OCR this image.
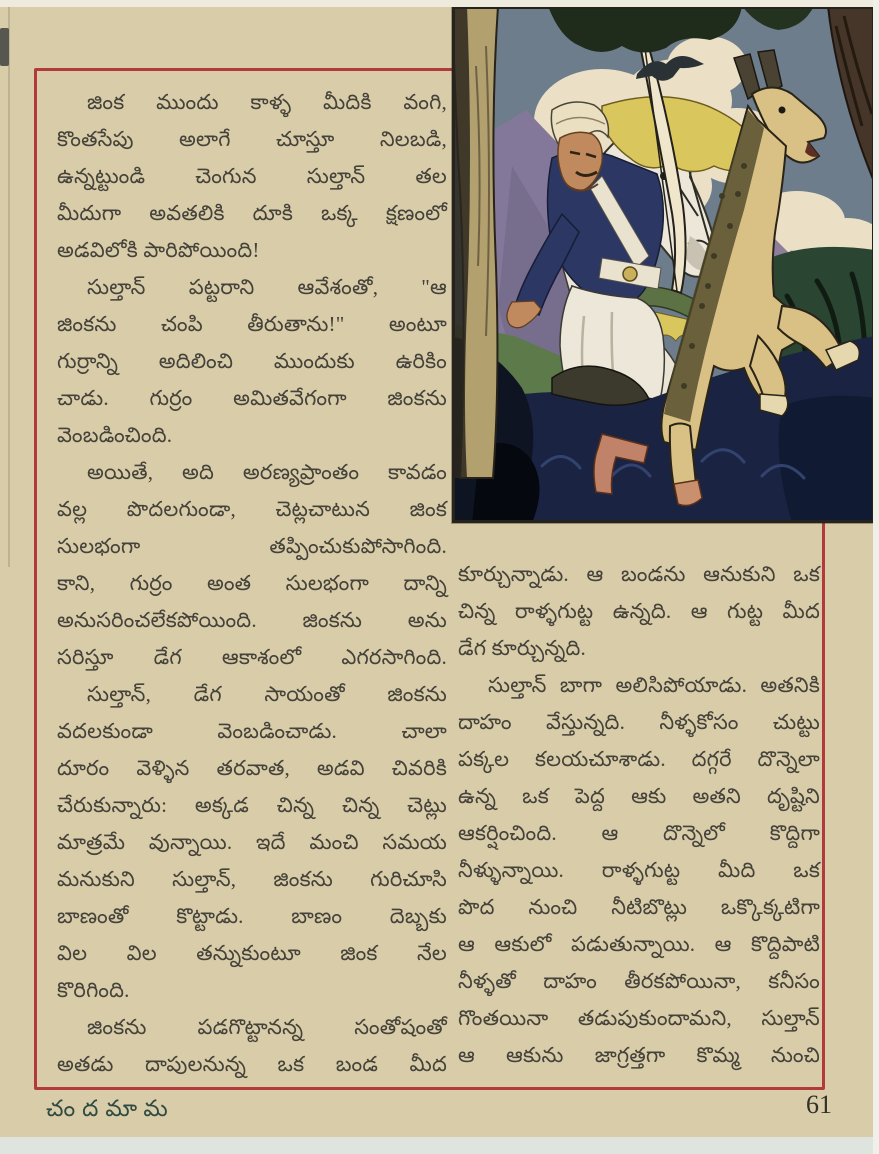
జింక ముందు కాళ్ళ మీదికి వంగి,
కొంతసేపు అలాగే చూస్తూ నిలబడి,
ఉన్నట్టుండి చెంగున సుల్తాన్ తల
మీదుగా అవతలికి దూకి ఒక్క క్షణంలో
అడవిలోకి పారిపోయింది!
సుల్తాన్ పట్టరాని ఆవేశంతో, "ఆ
జింకను చంపి తీరుతాను!" అంటూ
గుర్రాన్ని అదిలించి ముందుకు ఉరికిం
చాడు. గుర్రం అమితవేగంగా జింకను
వెంబడించింది.
అయితే, అది అరణ్యప్రాంతం కావడం
వల్ల పొదలగుండా, చెట్లచాటున జింక
సులభంగా తప్పించుకుపోసాగింది.
కాని, గుర్రం అంత సులభంగా దాన్ని
అనుసరించలేకపోయింది. జింకను అను
సరిస్తూ డేగ ఆకాశంలో ఎగరసాగింది.
సుల్తాన్, డేగ సాయంతో జింకను
వదలకుండా వెంబడించాడు. చాలా
దూరం వెళ్ళిన తరవాత, అడవి చివరికి
చేరుకున్నారు: అక్కడ చిన్న చిన్న చెట్లు
మాత్రమే వున్నాయి. ఇదే మంచి సమయ
మనుకుని సుల్తాన్, జింకను గురిచూసి
బాణంతో కొట్టాడు. బాణం దెబ్బకు
విల విల తన్నుకుంటూ జింక నేల
కొరిగింది.
జింకను పడగొట్టానన్న సంతోషంతో
అతడు దాపులనున్న ఒక బండ మీద
కూర్చున్నాడు. ఆ బండను ఆనుకుని ఒక
చిన్న రాళ్ళగుట్ట ఉన్నది. ఆ గుట్ట మీద
డేగ కూర్చున్నది.
సుల్తాన్ బాగా అలిసిపోయాడు. అతనికి
దాహం వేస్తున్నది. నీళ్ళకోసం చుట్టు
పక్కల కలయచూశాడు. దగ్గరే దొన్నెలా
ఉన్న ఒక పెద్ద ఆకు అతని దృష్టిని
ఆకర్షించింది. ఆ దొన్నెలో కొద్దిగా
నీళ్ళున్నాయి. రాళ్ళగుట్ట మీది ఒక
పొద నుంచి నీటిబొట్లు ఒక్కొక్కటిగా
ఆ ఆకులో పడుతున్నాయి. ఆ కొద్దిపాటి
నీళ్ళతో దాహం తీరకపోయినా, కనీసం
గొంతయినా తడుపుకుందామని, సుల్తాన్
ఆ ఆకును జాగ్రత్తగా కొమ్మ నుంచి
చందమామ	61
